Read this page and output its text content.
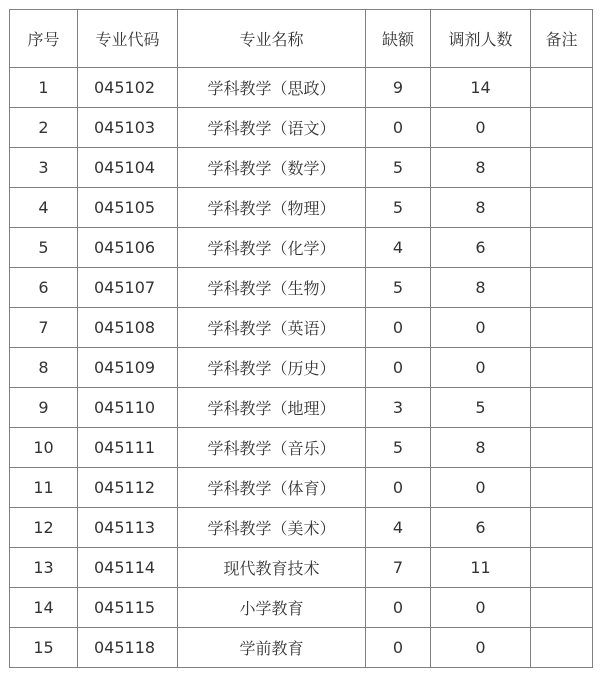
序号	专业代码	专业名称	缺额	调剂人数	备注
1	045102	学科教学（思政）	9	14	
2	045103	学科教学（语文）	0	0	
3	045104	学科教学（数学）	5	8	
4	045105	学科教学（物理）	5	8	
5	045106	学科教学（化学）	4	6	
6	045107	学科教学（生物）	5	8	
7	045108	学科教学（英语）	0	0	
8	045109	学科教学（历史）	0	0	
9	045110	学科教学（地理）	3	5	
10	045111	学科教学（音乐）	5	8	
11	045112	学科教学（体育）	0	0	
12	045113	学科教学（美术）	4	6	
13	045114	现代教育技术	7	11	
14	045115	小学教育	0	0	
15	045118	学前教育	0	0	
